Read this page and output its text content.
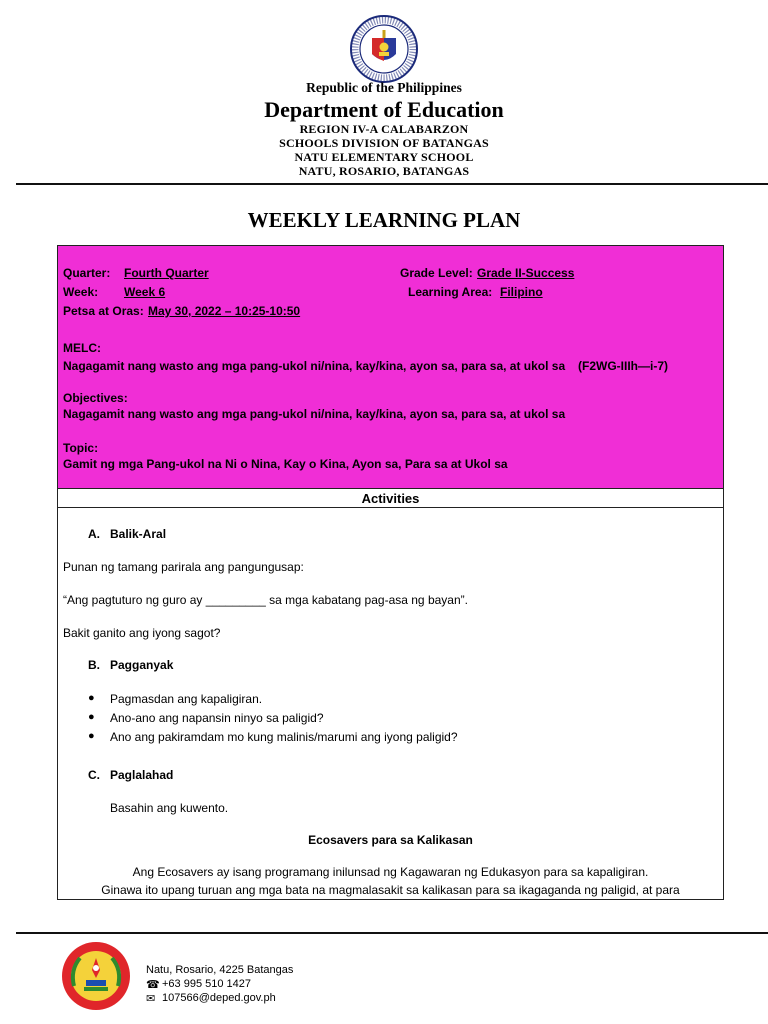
Republic of the Philippines
Department of Education
REGION IV-A CALABARZON
SCHOOLS DIVISION OF BATANGAS
NATU ELEMENTARY SCHOOL
NATU, ROSARIO, BATANGAS
WEEKLY LEARNING PLAN
Quarter: Fourth Quarter	Grade Level: Grade II-Success
Week: Week 6	Learning Area: Filipino
Petsa at Oras: May 30, 2022 – 10:25-10:50
MELC:
Nagagamit nang wasto ang mga pang-ukol ni/nina, kay/kina, ayon sa, para sa, at ukol sa (F2WG-IIIh—i-7)
Objectives:
Nagagamit nang wasto ang mga pang-ukol ni/nina, kay/kina, ayon sa, para sa, at ukol sa
Topic:
Gamit ng mga Pang-ukol na Ni o Nina, Kay o Kina, Ayon sa, Para sa at Ukol sa
Activities
A. Balik-Aral
Punan ng tamang parirala ang pangungusap:
“Ang pagtuturo ng guro ay _________ sa mga kabatang pag-asa ng bayan”.
Bakit ganito ang iyong sagot?
B. Pagganyak
● Pagmasdan ang kapaligiran.
● Ano-ano ang napansin ninyo sa paligid?
● Ano ang pakiramdam mo kung malinis/marumi ang iyong paligid?
C. Paglalahad
Basahin ang kuwento.
Ecosavers para sa Kalikasan
Ang Ecosavers ay isang programang inilunsad ng Kagawaran ng Edukasyon para sa kapaligiran.
Ginawa ito upang turuan ang mga bata na magmalasakit sa kalikasan para sa ikagaganda ng paligid, at para
Natu, Rosario, 4225 Batangas
☎ +63 995 510 1427
✉ 107566@deped.gov.ph
